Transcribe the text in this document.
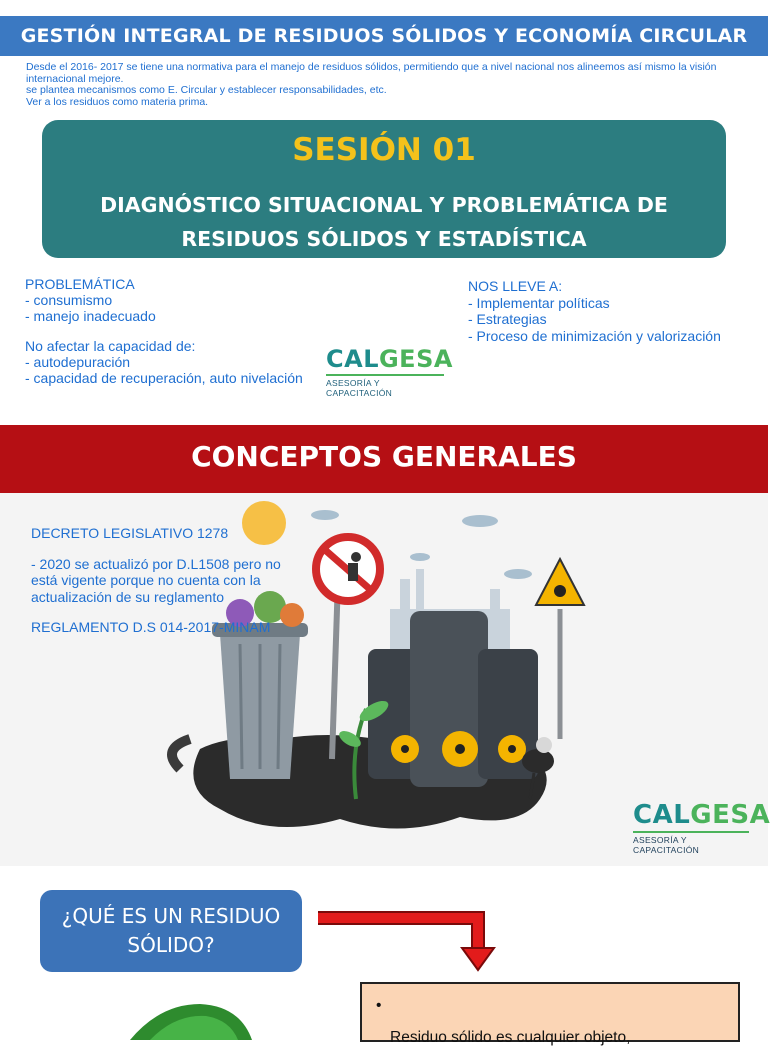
GESTIÓN INTEGRAL DE RESIDUOS SÓLIDOS Y ECONOMÍA CIRCULAR

Desde el 2016- 2017 se tiene una normativa para el manejo de residuos sólidos, permitiendo que a nivel nacional nos alineemos así mismo la visión internacional mejore.

se plantea mecanismos como E. Circular y establecer responsabilidades, etc.

Ver a los residuos como materia prima.

SESIÓN 01
DIAGNÓSTICO SITUACIONAL Y PROBLEMÁTICA DE
RESIDUOS SÓLIDOS Y ESTADÍSTICA
PROBLEMÁTICA
- consumismo
- manejo inadecuado
No afectar la capacidad de:
- autodepuración
- capacidad de recuperación, auto nivelación
NOS LLEVE A:
- Implementar políticas
- Estrategias
- Proceso de minimización y valorización
CALGESA
ASESORÍA Y CAPACITACIÓN
CONCEPTOS GENERALES
DECRETO LEGISLATIVO 1278
- 2020 se actualizó por D.L1508 pero no está vigente porque no cuenta con la actualización de su reglamento
REGLAMENTO D.S 014-2017-MINAM
CALGESA
ASESORÍA Y CAPACITACIÓN
¿QUÉ ES UN RESIDUO SÓLIDO?
•
Residuo sólido es cualquier objeto,
